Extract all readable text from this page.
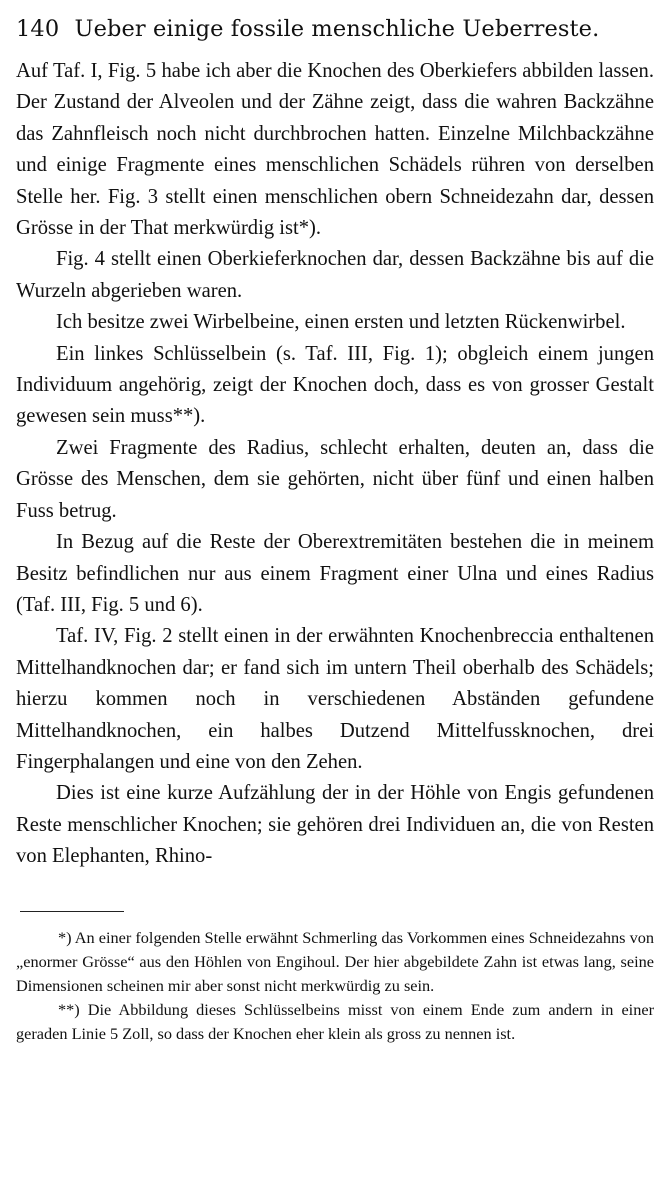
140 Ueber einige fossile menschliche Ueberreste.

Auf Taf. I, Fig. 5 habe ich aber die Knochen des Oberkiefers abbilden lassen. Der Zustand der Alveolen und der Zähne zeigt, dass die wahren Backzähne das Zahnfleisch noch nicht durchbrochen hatten. Einzelne Milchbackzähne und einige Fragmente eines menschlichen Schädels rühren von derselben Stelle her. Fig. 3 stellt einen menschlichen obern Schneidezahn dar, dessen Grösse in der That merkwürdig ist*).

Fig. 4 stellt einen Oberkieferknochen dar, dessen Backzähne bis auf die Wurzeln abgerieben waren.

Ich besitze zwei Wirbelbeine, einen ersten und letzten Rückenwirbel.

Ein linkes Schlüsselbein (s. Taf. III, Fig. 1); obgleich einem jungen Individuum angehörig, zeigt der Knochen doch, dass es von grosser Gestalt gewesen sein muss**).

Zwei Fragmente des Radius, schlecht erhalten, deuten an, dass die Grösse des Menschen, dem sie gehörten, nicht über fünf und einen halben Fuss betrug.

In Bezug auf die Reste der Oberextremitäten bestehen die in meinem Besitz befindlichen nur aus einem Fragment einer Ulna und eines Radius (Taf. III, Fig. 5 und 6).

Taf. IV, Fig. 2 stellt einen in der erwähnten Knochenbreccia enthaltenen Mittelhandknochen dar; er fand sich im untern Theil oberhalb des Schädels; hierzu kommen noch in verschiedenen Abständen gefundene Mittelhandknochen, ein halbes Dutzend Mittelfussknochen, drei Fingerphalangen und eine von den Zehen.

Dies ist eine kurze Aufzählung der in der Höhle von Engis gefundenen Reste menschlicher Knochen; sie gehören drei Individuen an, die von Resten von Elephanten, Rhino-

*) An einer folgenden Stelle erwähnt Schmerling das Vorkommen eines Schneidezahns von „enormer Grösse“ aus den Höhlen von Engihoul. Der hier abgebildete Zahn ist etwas lang, seine Dimensionen scheinen mir aber sonst nicht merkwürdig zu sein.

**) Die Abbildung dieses Schlüsselbeins misst von einem Ende zum andern in einer geraden Linie 5 Zoll, so dass der Knochen eher klein als gross zu nennen ist.
